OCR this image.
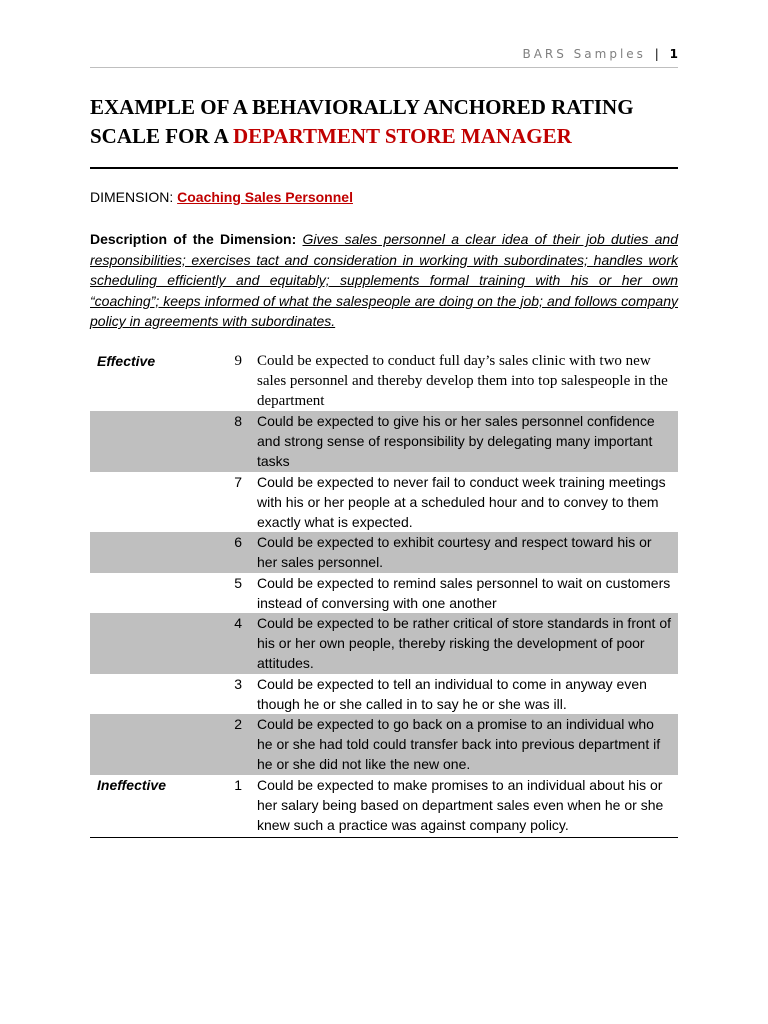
BARS Samples | 1
EXAMPLE OF A BEHAVIORALLY ANCHORED RATING SCALE FOR A DEPARTMENT STORE MANAGER
DIMENSION: Coaching Sales Personnel

Description of the Dimension: Gives sales personnel a clear idea of their job duties and responsibilities; exercises tact and consideration in working with subordinates; handles work scheduling efficiently and equitably; supplements formal training with his or her own “coaching”; keeps informed of what the salespeople are doing on the job; and follows company policy in agreements with subordinates.

Effective	9	Could be expected to conduct full day’s sales clinic with two new sales personnel and thereby develop them into top salespeople in the department
	8	Could be expected to give his or her sales personnel confidence and strong sense of responsibility by delegating many important tasks
	7	Could be expected to never fail to conduct week training meetings with his or her people at a scheduled hour and to convey to them exactly what is expected.
	6	Could be expected to exhibit courtesy and respect toward his or her sales personnel.
	5	Could be expected to remind sales personnel to wait on customers instead of conversing with one another
	4	Could be expected to be rather critical of store standards in front of his or her own people, thereby risking the development of poor attitudes.
	3	Could be expected to tell an individual to come in anyway even though he or she called in to say he or she was ill.
	2	Could be expected to go back on a promise to an individual who he or she had told could transfer back into previous department if he or she did not like the new one.
Ineffective	1	Could be expected to make promises to an individual about his or her salary being based on department sales even when he or she knew such a practice was against company policy.
